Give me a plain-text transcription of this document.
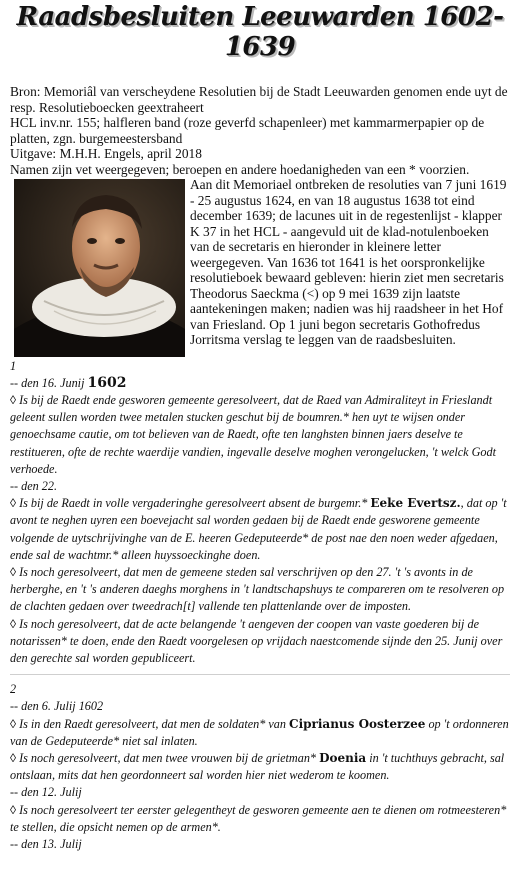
Raadsbesluiten Leeuwarden 1602-1639
Bron: Memoriâl van verscheydene Resolutien bij de Stadt Leeuwarden genomen ende uyt de resp. Resolutieboecken geextraheert
HCL inv.nr. 155; halfleren band (roze geverfd schapenleer) met kammarmerpapier op de platten, zgn. burgemeestersband
Uitgave: M.H.H. Engels, april 2018
Namen zijn vet weergegeven; beroepen en andere hoedanigheden van een * voorzien.
Aan dit Memoriael ontbreken de resoluties van 7 juni 1619 - 25 augustus 1624, en van 18 augustus 1638 tot eind december 1639; de lacunes uit in de regestenlijst - klapper K 37 in het HCL - aangevuld uit de klad-notulenboeken van de secretaris en hieronder in kleinere letter weergegeven. Van 1636 tot 1641 is het oorspronkelijke resolutieboek bewaard gebleven: hierin ziet men secretaris Theodorus Saeckma (<) op 9 mei 1639 zijn laatste aantekeningen maken; nadien was hij raadsheer in het Hof van Friesland. Op 1 juni begon secretaris Gothofredus Jorritsma verslag te leggen van de raadsbesluiten.
1
-- den 16. Junij 1602
◊ Is bij de Raedt ende gesworen gemeente geresolveert, dat de Raed van Admiraliteyt in Frieslandt geleent sullen worden twee metalen stucken geschut bij de boumren.* hen uyt te wijsen onder genoechsame cautie, om tot believen van de Raedt, ofte ten langhsten binnen jaers deselve te restitueren, ofte de rechte waerdije vandien, ingevalle deselve moghen verongelucken, 't welck Godt verhoede.
-- den 22.
◊ Is bij de Raedt in volle vergaderinghe geresolveert absent de burgemr.* Eeke Evertsz., dat op 't avont te neghen uyren een boevejacht sal worden gedaen bij de Raedt ende gesworene gemeente volgende de uytschrijvinghe van de E. heeren Gedeputeerde* de post nae den noen weder afgedaen, ende sal de wachtmr.* alleen huyssoeckinghe doen.
◊ Is noch geresolveert, dat men de gemeene steden sal verschrijven op den 27. 't 's avonts in de herberghe, en 't 's anderen daeghs morghens in 't landtschapshuys te compareren om te resolveren op de clachten gedaen over tweedrach[t] vallende ten plattenlande over de imposten.
◊ Is noch geresolveert, dat de acte belangende 't aengeven der coopen van vaste goederen bij de notarissen* te doen, ende den Raedt voorgelesen op vrijdach naestcomende sijnde den 25. Junij over den gerechte sal worden gepubliceert.
2
-- den 6. Julij 1602
◊ Is in den Raedt geresolveert, dat men de soldaten* van Ciprianus Oosterzee op 't ordonneren van de Gedeputeerde* niet sal inlaten.
◊ Is noch geresolveert, dat men twee vrouwen bij de grietman* Doenia in 't tuchthuys gebracht, sal ontslaan, mits dat hen geordonneert sal worden hier niet wederom te koomen.
-- den 12. Julij
◊ Is noch geresolveert ter eerster gelegentheyt de gesworen gemeente aen te dienen om rotmeesteren* te stellen, die opsicht nemen op de armen*.
-- den 13. Julij
